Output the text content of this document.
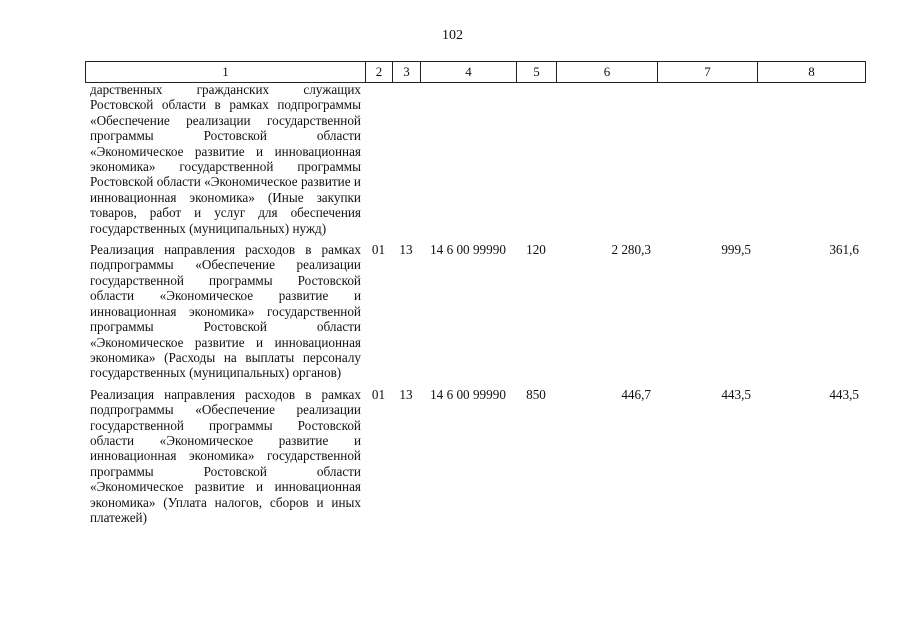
102
1	2	3	4	5	6	7	8
дарственных гражданских служащих Ростовской области в рамках подпрограммы «Обеспечение реализации государственной программы Ростовской области «Экономическое развитие и инновационная экономика» государственной программы Ростовской области «Экономическое развитие и инновационная экономика» (Иные закупки товаров, работ и услуг для обеспечения государственных (муниципальных) нужд)							
Реализация направления расходов в рамках подпрограммы «Обеспечение реализации государственной программы Ростовской области «Экономическое развитие и инновационная экономика» государственной программы Ростовской области «Экономическое развитие и инновационная экономика» (Расходы на выплаты персоналу государственных (муниципальных) органов)	01	13	14 6 00 99990	120	2 280,3	999,5	361,6
Реализация направления расходов в рамках подпрограммы «Обеспечение реализации государственной программы Ростовской области «Экономическое развитие и инновационная экономика» государственной программы Ростовской области «Экономическое развитие и инновационная экономика» (Уплата налогов, сборов и иных платежей)	01	13	14 6 00 99990	850	446,7	443,5	443,5
